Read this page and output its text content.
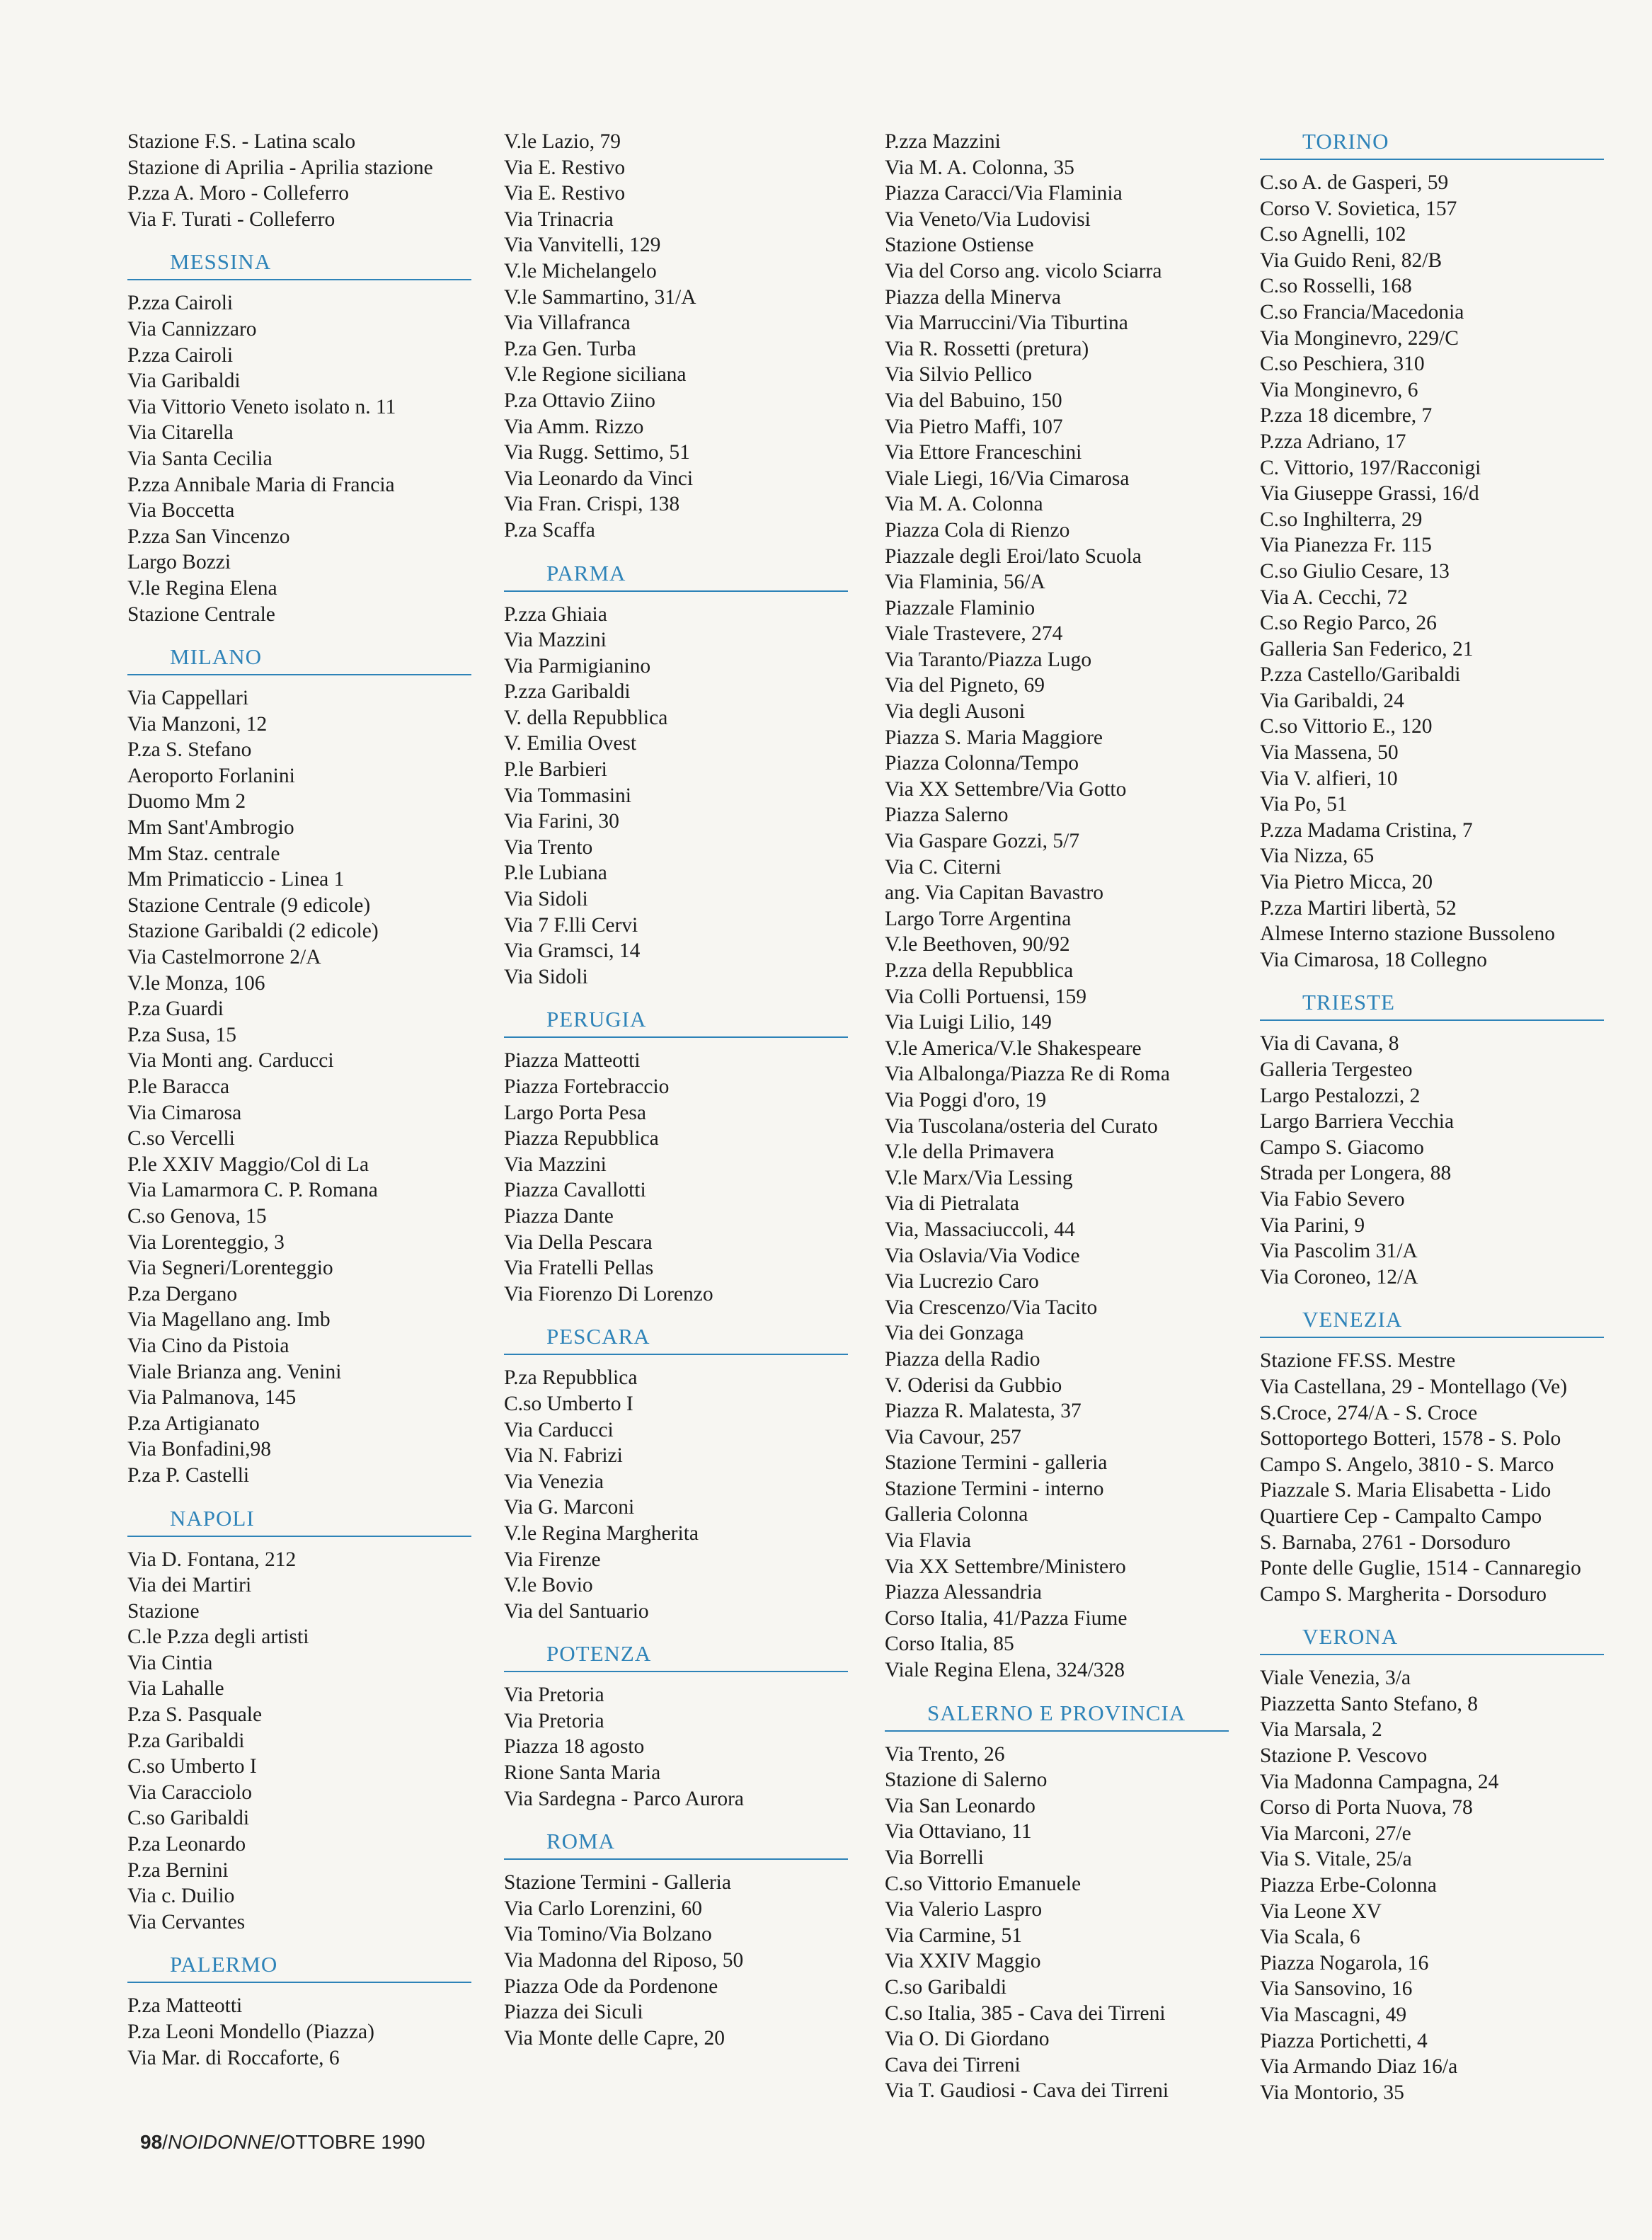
Stazione F.S. - Latina scalo
Stazione di Aprilia - Aprilia stazione
P.zza A. Moro - Colleferro
Via F. Turati - Colleferro
MESSINA
P.zza Cairoli
Via Cannizzaro
P.zza Cairoli
Via Garibaldi
Via Vittorio Veneto isolato n. 11
Via Citarella
Via Santa Cecilia
P.zza Annibale Maria di Francia
Via Boccetta
P.zza San Vincenzo
Largo Bozzi
V.le Regina Elena
Stazione Centrale
MILANO
Via Cappellari
Via Manzoni, 12
P.za S. Stefano
Aeroporto Forlanini
Duomo Mm 2
Mm Sant'Ambrogio
Mm Staz. centrale
Mm Primaticcio - Linea 1
Stazione Centrale (9 edicole)
Stazione Garibaldi (2 edicole)
Via Castelmorrone 2/A
V.le Monza, 106
P.za Guardi
P.za Susa, 15
Via Monti ang. Carducci
P.le Baracca
Via Cimarosa
C.so Vercelli
P.le XXIV Maggio/Col di La
Via Lamarmora C. P. Romana
C.so Genova, 15
Via Lorenteggio, 3
Via Segneri/Lorenteggio
P.za Dergano
Via Magellano ang. Imb
Via Cino da Pistoia
Viale Brianza ang. Venini
Via Palmanova, 145
P.za Artigianato
Via Bonfadini,98
P.za P. Castelli
NAPOLI
Via D. Fontana, 212
Via dei Martiri
Stazione
C.le P.zza degli artisti
Via Cintia
Via Lahalle
P.za S. Pasquale
P.za Garibaldi
C.so Umberto I
Via Caracciolo
C.so Garibaldi
P.za Leonardo
P.za Bernini
Via c. Duilio
Via Cervantes
PALERMO
P.za Matteotti
P.za Leoni Mondello (Piazza)
Via Mar. di Roccaforte, 6
V.le Lazio, 79
Via E. Restivo
Via E. Restivo
Via Trinacria
Via Vanvitelli, 129
V.le Michelangelo
V.le Sammartino, 31/A
Via Villafranca
P.za Gen. Turba
V.le Regione siciliana
P.za Ottavio Ziino
Via Amm. Rizzo
Via Rugg. Settimo, 51
Via Leonardo da Vinci
Via Fran. Crispi, 138
P.za Scaffa
PARMA
P.zza Ghiaia
Via Mazzini
Via Parmigianino
P.zza Garibaldi
V. della Repubblica
V. Emilia Ovest
P.le Barbieri
Via Tommasini
Via Farini, 30
Via Trento
P.le Lubiana
Via Sidoli
Via 7 F.lli Cervi
Via Gramsci, 14
Via Sidoli
PERUGIA
Piazza Matteotti
Piazza Fortebraccio
Largo Porta Pesa
Piazza Repubblica
Via Mazzini
Piazza Cavallotti
Piazza Dante
Via Della Pescara
Via Fratelli Pellas
Via Fiorenzo Di Lorenzo
PESCARA
P.za Repubblica
C.so Umberto I
Via Carducci
Via N. Fabrizi
Via Venezia
Via G. Marconi
V.le Regina Margherita
Via Firenze
V.le Bovio
Via del Santuario
POTENZA
Via Pretoria
Via Pretoria
Piazza 18 agosto
Rione Santa Maria
Via Sardegna - Parco Aurora
ROMA
Stazione Termini - Galleria
Via Carlo Lorenzini, 60
Via Tomino/Via Bolzano
Via Madonna del Riposo, 50
Piazza Ode da Pordenone
Piazza dei Siculi
Via Monte delle Capre, 20
P.zza Mazzini
Via M. A. Colonna, 35
Piazza Caracci/Via Flaminia
Via Veneto/Via Ludovisi
Stazione Ostiense
Via del Corso ang. vicolo Sciarra
Piazza della Minerva
Via Marruccini/Via Tiburtina
Via R. Rossetti (pretura)
Via Silvio Pellico
Via del Babuino, 150
Via Pietro Maffi, 107
Via Ettore Franceschini
Viale Liegi, 16/Via Cimarosa
Via M. A. Colonna
Piazza Cola di Rienzo
Piazzale degli Eroi/lato Scuola
Via Flaminia, 56/A
Piazzale Flaminio
Viale Trastevere, 274
Via Taranto/Piazza Lugo
Via del Pigneto, 69
Via degli Ausoni
Piazza S. Maria Maggiore
Piazza Colonna/Tempo
Via XX Settembre/Via Gotto
Piazza Salerno
Via Gaspare Gozzi, 5/7
Via C. Citerni
ang. Via Capitan Bavastro
Largo Torre Argentina
V.le Beethoven, 90/92
P.zza della Repubblica
Via Colli Portuensi, 159
Via Luigi Lilio, 149
V.le America/V.le Shakespeare
Via Albalonga/Piazza Re di Roma
Via Poggi d'oro, 19
Via Tuscolana/osteria del Curato
V.le della Primavera
V.le Marx/Via Lessing
Via di Pietralata
Via, Massaciuccoli, 44
Via Oslavia/Via Vodice
Via Lucrezio Caro
Via Crescenzo/Via Tacito
Via dei Gonzaga
Piazza della Radio
V. Oderisi da Gubbio
Piazza R. Malatesta, 37
Via Cavour, 257
Stazione Termini - galleria
Stazione Termini - interno
Galleria Colonna
Via Flavia
Via XX Settembre/Ministero
Piazza Alessandria
Corso Italia, 41/Pazza Fiume
Corso Italia, 85
Viale Regina Elena, 324/328
SALERNO E PROVINCIA
Via Trento, 26
Stazione di Salerno
Via San Leonardo
Via Ottaviano, 11
Via Borrelli
C.so Vittorio Emanuele
Via Valerio Laspro
Via Carmine, 51
Via XXIV Maggio
C.so Garibaldi
C.so Italia, 385 - Cava dei Tirreni
Via O. Di Giordano
Cava dei Tirreni
Via T. Gaudiosi - Cava dei Tirreni
TORINO
C.so A. de Gasperi, 59
Corso V. Sovietica, 157
C.so Agnelli, 102
Via Guido Reni, 82/B
C.so Rosselli, 168
C.so Francia/Macedonia
Via Monginevro, 229/C
C.so Peschiera, 310
Via Monginevro, 6
P.zza 18 dicembre, 7
P.zza Adriano, 17
C. Vittorio, 197/Racconigi
Via Giuseppe Grassi, 16/d
C.so Inghilterra, 29
Via Pianezza Fr. 115
C.so Giulio Cesare, 13
Via A. Cecchi, 72
C.so Regio Parco, 26
Galleria San Federico, 21
P.zza Castello/Garibaldi
Via Garibaldi, 24
C.so Vittorio E., 120
Via Massena, 50
Via V. alfieri, 10
Via Po, 51
P.zza Madama Cristina, 7
Via Nizza, 65
Via Pietro Micca, 20
P.zza Martiri libertà, 52
Almese Interno stazione Bussoleno
Via Cimarosa, 18 Collegno
TRIESTE
Via di Cavana, 8
Galleria Tergesteo
Largo Pestalozzi, 2
Largo Barriera Vecchia
Campo S. Giacomo
Strada per Longera, 88
Via Fabio Severo
Via Parini, 9
Via Pascolim 31/A
Via Coroneo, 12/A
VENEZIA
Stazione FF.SS. Mestre
Via Castellana, 29 - Montellago (Ve)
S.Croce, 274/A - S. Croce
Sottoportego Botteri, 1578 - S. Polo
Campo S. Angelo, 3810 - S. Marco
Piazzale S. Maria Elisabetta - Lido
Quartiere Cep - Campalto Campo
S. Barnaba, 2761 - Dorsoduro
Ponte delle Guglie, 1514 - Cannaregio
Campo S. Margherita - Dorsoduro
VERONA
Viale Venezia, 3/a
Piazzetta Santo Stefano, 8
Via Marsala, 2
Stazione P. Vescovo
Via Madonna Campagna, 24
Corso di Porta Nuova, 78
Via Marconi, 27/e
Via S. Vitale, 25/a
Piazza Erbe-Colonna
Via Leone XV
Via Scala, 6
Piazza Nogarola, 16
Via Sansovino, 16
Via Mascagni, 49
Piazza Portichetti, 4
Via Armando Diaz 16/a
Via Montorio, 35
98/NOIDONNE/OTTOBRE 1990
